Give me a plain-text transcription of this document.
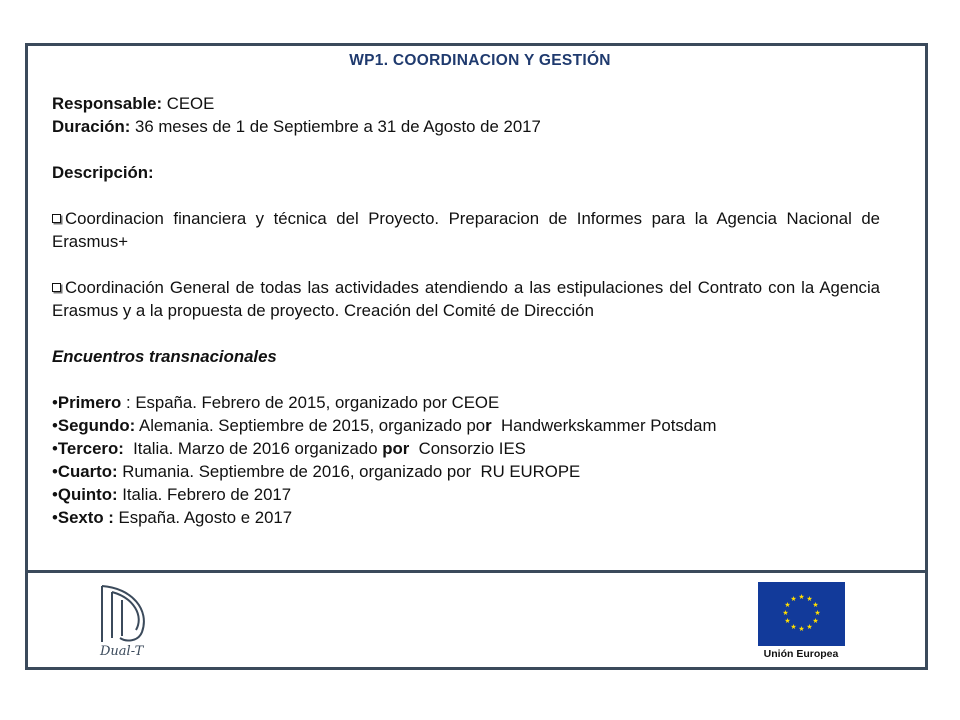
WP1. COORDINACION Y GESTIÓN
Responsable: CEOE
Duración: 36 meses de 1 de Septiembre a 31 de Agosto de 2017
Descripción:
Coordinacion financiera y técnica del Proyecto. Preparacion de Informes para la Agencia Nacional de Erasmus+
Coordinación General de todas las actividades atendiendo a las estipulaciones del Contrato con la Agencia Erasmus y a la propuesta de proyecto. Creación del Comité de Dirección
Encuentros transnacionales
•Primero : España. Febrero de 2015, organizado por CEOE
•Segundo: Alemania. Septiembre de 2015, organizado por  Handwerkskammer Potsdam
•Tercero: Italia. Marzo de 2016 organizado por  Consorzio IES
•Cuarto: Rumania. Septiembre de 2016, organizado por  RU EUROPE
•Quinto: Italia. Febrero de 2017
•Sexto : España. Agosto e 2017
Dual-T
★ ★
★
★
★
★
★
★
★
★
★
★
Unión Europea
